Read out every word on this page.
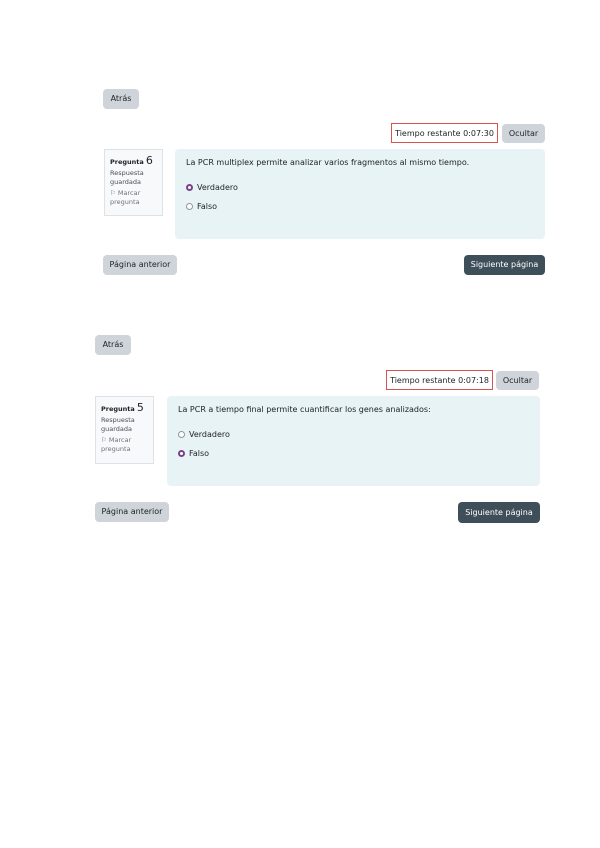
Atrás
Tiempo restante 0:07:30	Ocultar
Pregunta 6
Respuesta guardada
⚐ Marcar pregunta

La PCR multiplex permite analizar varios fragmentos al mismo tiempo.

Verdadero
Falso
Página anterior	Siguiente página
Atrás
Tiempo restante 0:07:18	Ocultar
Pregunta 5
Respuesta guardada
⚐ Marcar pregunta

La PCR a tiempo final permite cuantificar los genes analizados:

Verdadero
Falso
Página anterior	Siguiente página
